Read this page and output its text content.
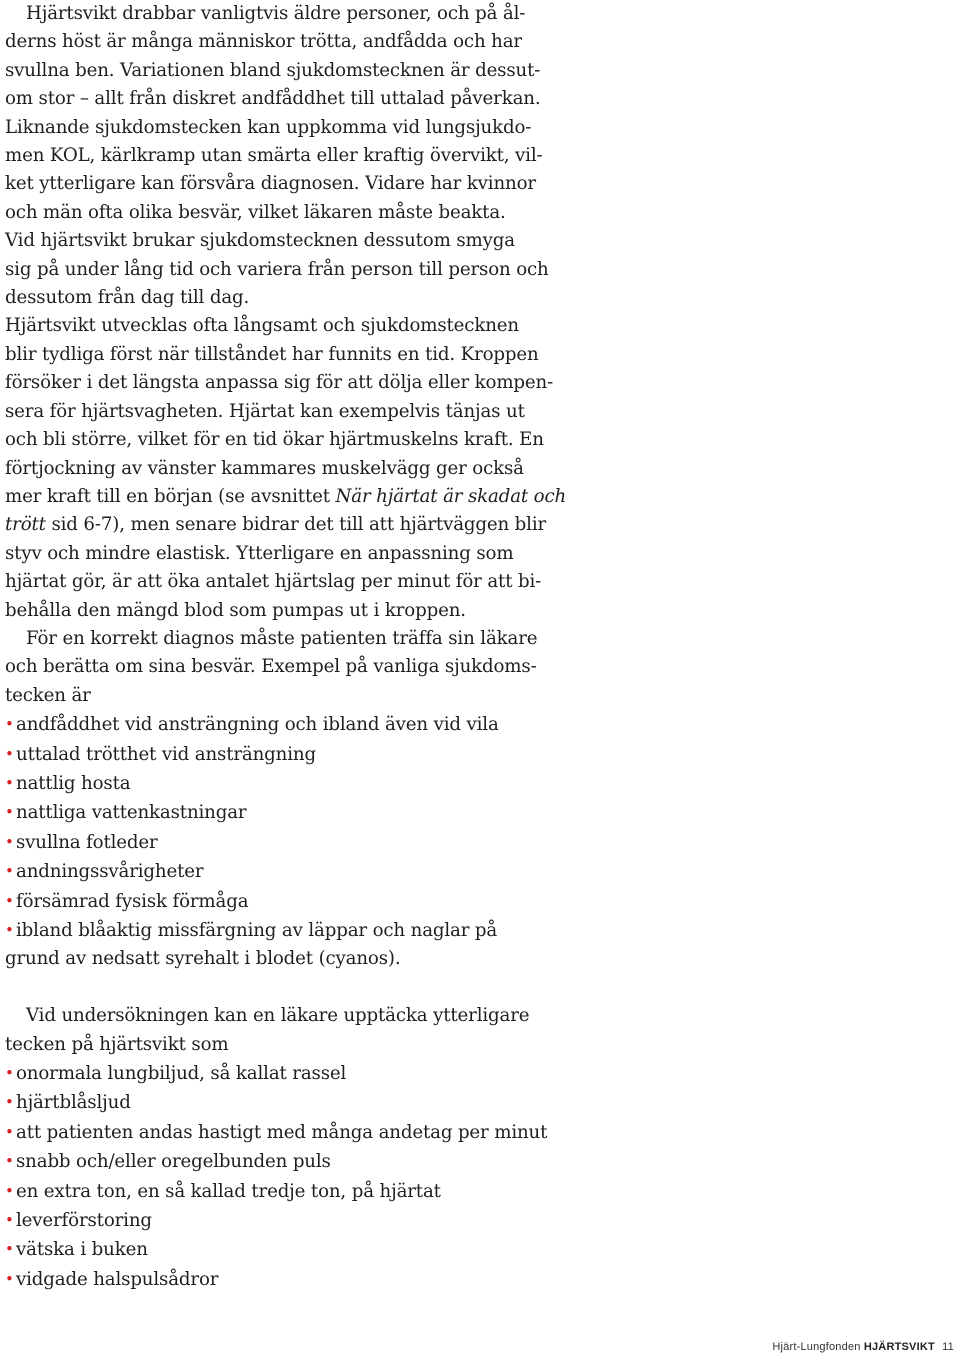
Hjärtsvikt drabbar vanligtvis äldre personer, och på ål-
derns höst är många människor trötta, andfådda och har
svullna ben. Variationen bland sjukdomstecknen är dessut-
om stor – allt från diskret andfåddhet till uttalad påverkan.
Liknande sjukdomstecken kan uppkomma vid lungsjukdo-
men KOL, kärlkramp utan smärta eller kraftig övervikt, vil-
ket ytterligare kan försvåra diagnosen. Vidare har kvinnor
och män ofta olika besvär, vilket läkaren måste beakta.
Vid hjärtsvikt brukar sjukdomstecknen dessutom smyga
sig på under lång tid och variera från person till person och
dessutom från dag till dag.
Hjärtsvikt utvecklas ofta långsamt och sjukdomstecknen
blir tydliga först när tillståndet har funnits en tid. Kroppen
försöker i det längsta anpassa sig för att dölja eller kompen-
sera för hjärtsvagheten. Hjärtat kan exempelvis tänjas ut
och bli större, vilket för en tid ökar hjärtmuskelns kraft. En
förtjockning av vänster kammares muskelvägg ger också
mer kraft till en början (se avsnittet När hjärtat är skadat och
trött sid 6-7), men senare bidrar det till att hjärtväggen blir
styv och mindre elastisk. Ytterligare en anpassning som
hjärtat gör, är att öka antalet hjärtslag per minut för att bi-
behålla den mängd blod som pumpas ut i kroppen.
För en korrekt diagnos måste patienten träffa sin läkare
och berätta om sina besvär. Exempel på vanliga sjukdoms-
tecken är
• andfåddhet vid ansträngning och ibland även vid vila
• uttalad trötthet vid ansträngning
• nattlig hosta
• nattliga vattenkastningar
• svullna fotleder
• andningssvårigheter
• försämrad fysisk förmåga
• ibland blåaktig missfärgning av läppar och naglar på
grund av nedsatt syrehalt i blodet (cyanos).
Vid undersökningen kan en läkare upptäcka ytterligare
tecken på hjärtsvikt som
• onormala lungbiljud, så kallat rassel
• hjärtblåsljud
• att patienten andas hastigt med många andetag per minut
• snabb och/eller oregelbunden puls
• en extra ton, en så kallad tredje ton, på hjärtat
• leverförstoring
• vätska i buken
• vidgade halspulsådror
Hjärt-Lungfonden HJÄRTSVIKT 11
